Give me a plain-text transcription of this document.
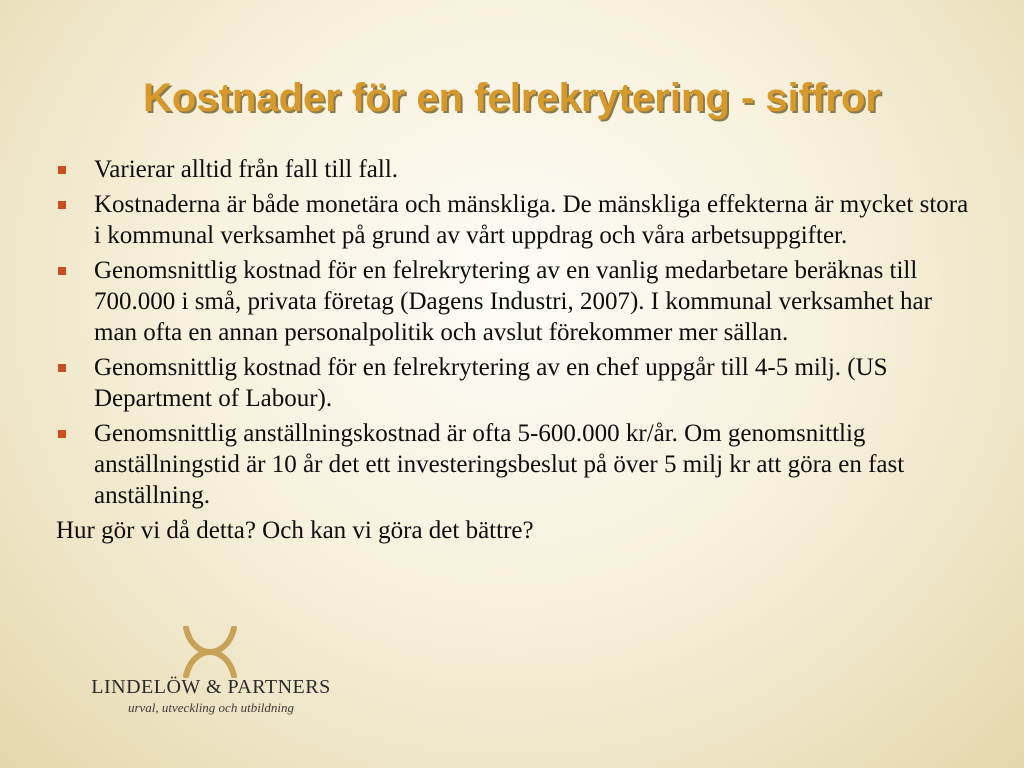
Kostnader för en felrekrytering - siffror
Varierar alltid från fall till fall.
Kostnaderna är både monetära och mänskliga. De mänskliga effekterna är mycket stora i kommunal verksamhet på grund av vårt uppdrag och våra arbetsuppgifter.
Genomsnittlig kostnad för en felrekrytering av en vanlig medarbetare beräknas till 700.000 i små, privata företag (Dagens Industri, 2007). I kommunal verksamhet har man ofta en annan personalpolitik och avslut förekommer mer sällan.
Genomsnittlig kostnad för en felrekrytering av en chef uppgår till 4-5 milj. (US Department of Labour).
Genomsnittlig anställningskostnad är ofta 5-600.000 kr/år. Om genomsnittlig anställningstid är 10 år det ett investeringsbeslut på över 5 milj kr att göra en fast anställning.
Hur gör vi då detta? Och kan vi göra det bättre?
LINDELÖW & PARTNERS
urval, utveckling och utbildning
